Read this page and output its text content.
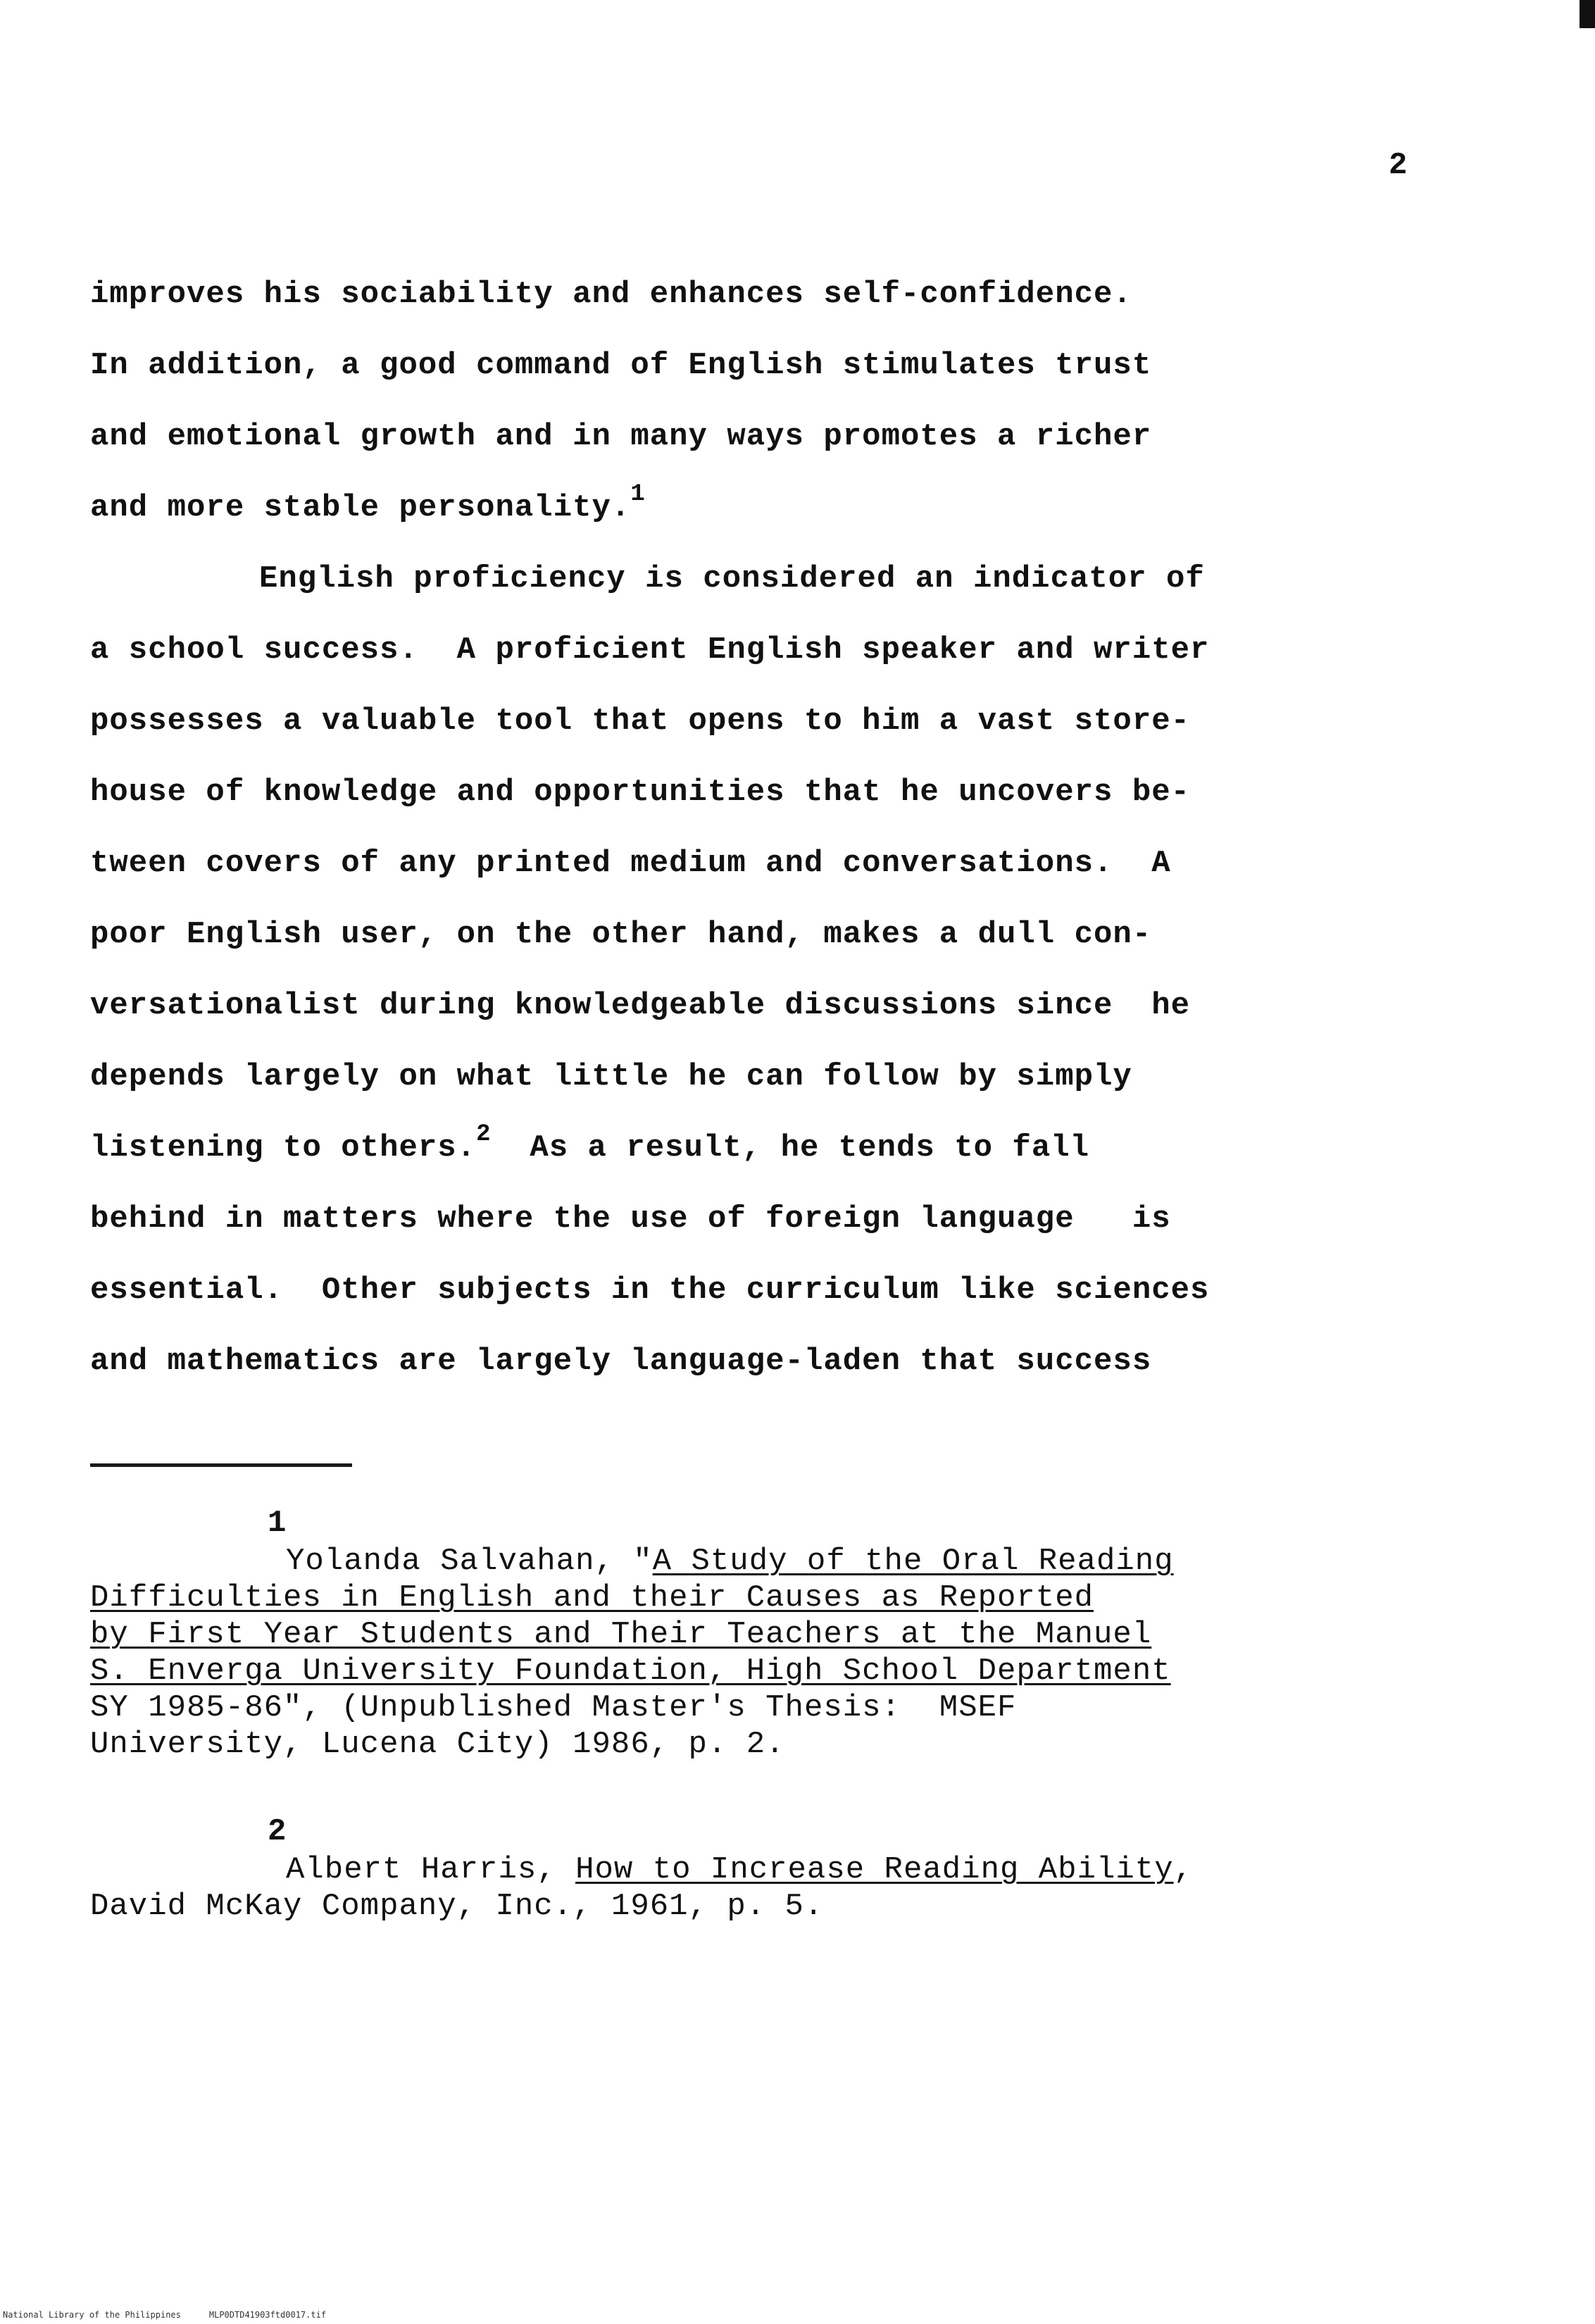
2
improves his sociability and enhances self-confidence.
In addition, a good command of English stimulates trust
and emotional growth and in many ways promotes a richer
and more stable personality.$^1$
English proficiency is considered an indicator of
a school success.  A proficient English speaker and writer
possesses a valuable tool that opens to him a vast store-
house of knowledge and opportunities that he uncovers be-
tween covers of any printed medium and conversations.  A
poor English user, on the other hand, makes a dull con-
versationalist during knowledgeable discussions since  he
depends largely on what little he can follow by simply
listening to others.$^2$ As a result, he tends to fall
behind in matters where the use of foreign language   is
essential.  Other subjects in the curriculum like sciences
and mathematics are largely language-laden that success
1
Yolanda Salvahan, "A Study of the Oral Reading
Difficulties in English and their Causes as Reported
by First Year Students and Their Teachers at the Manuel
S. Enverga University Foundation, High School Department
SY 1985-86", (Unpublished Master's Thesis:  MSEF
University, Lucena City) 1986, p. 2.
2
Albert Harris, How to Increase Reading Ability,
David McKay Company, Inc., 1961, p. 5.
National Library of the Philippines	MLP0DTD41903ftd0017.tif
